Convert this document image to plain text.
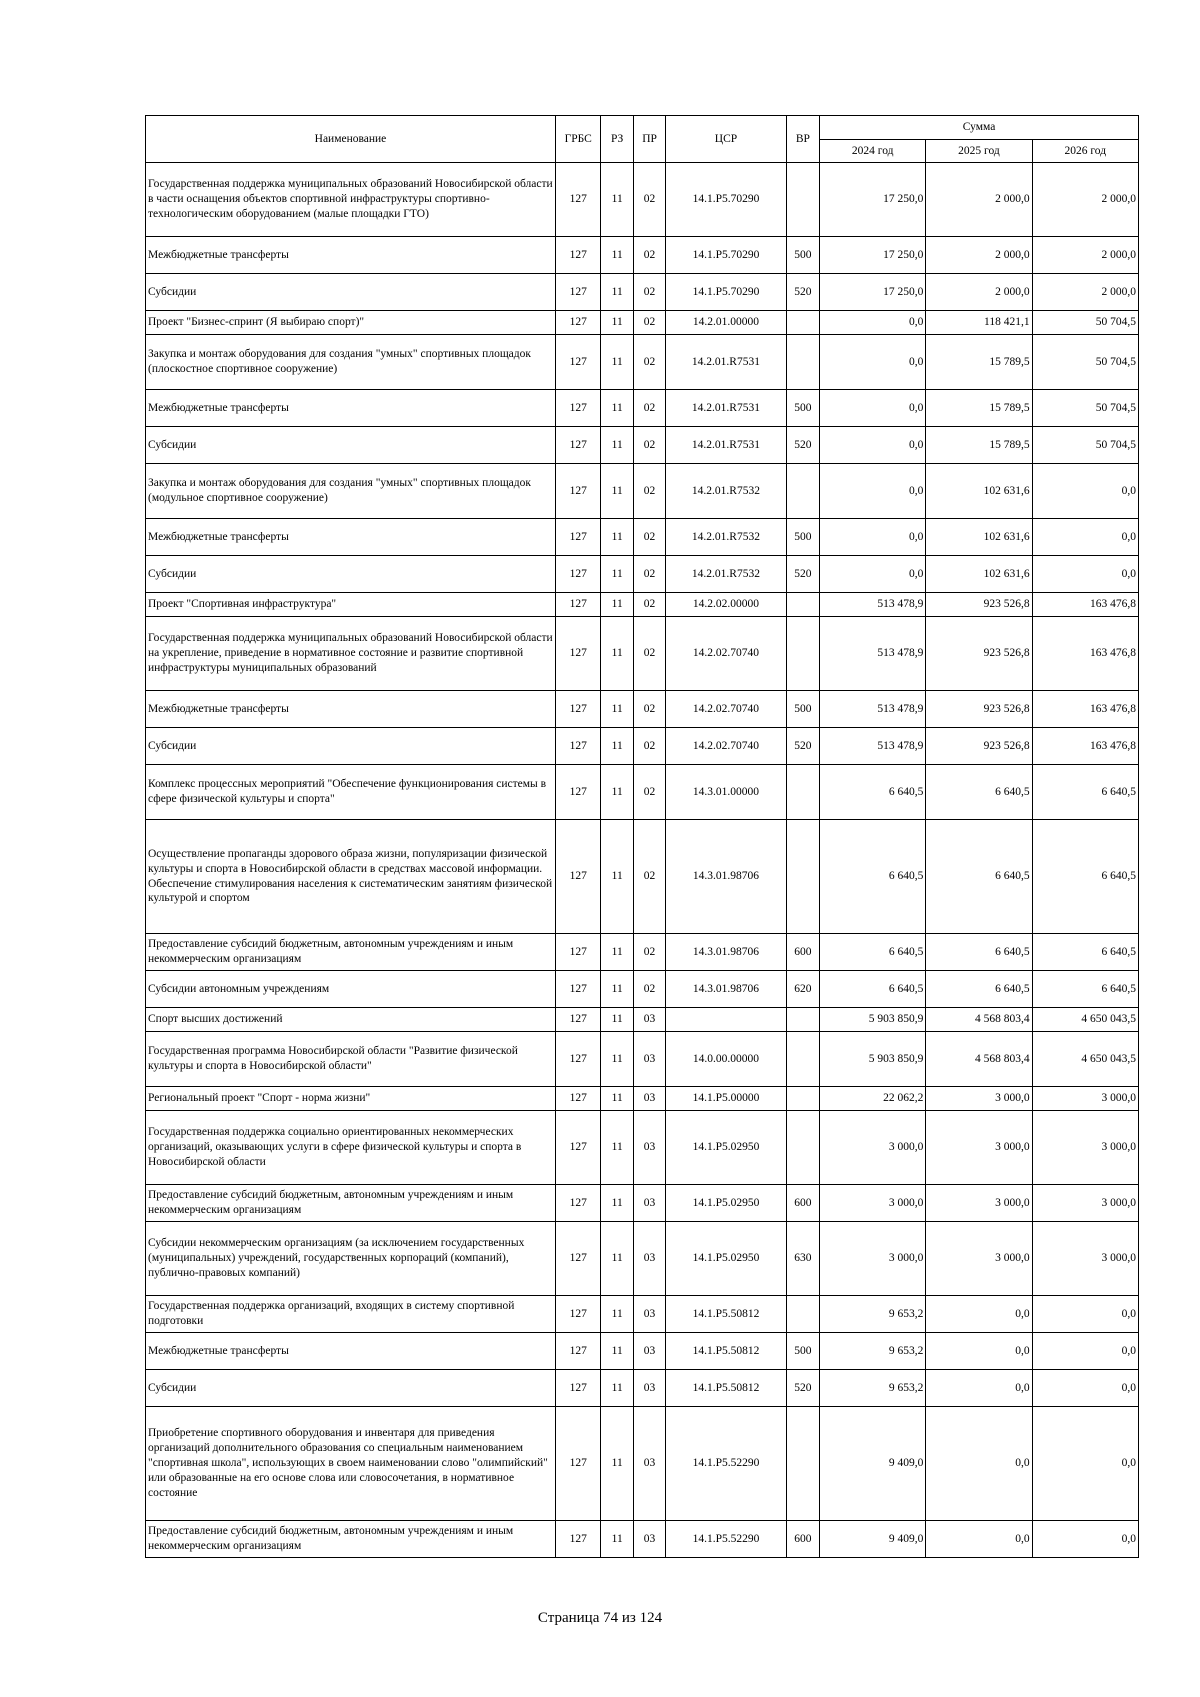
Наименование	ГРБС	РЗ	ПР	ЦСР	ВР	Сумма		
						2024 год	2025 год	2026 год
Государственная поддержка муниципальных образований Новосибирской области в части оснащения объектов спортивной инфраструктуры спортивно-технологическим оборудованием (малые площадки ГТО)	127	11	02	14.1.P5.70290		17 250,0	2 000,0	2 000,0
Межбюджетные трансферты	127	11	02	14.1.P5.70290	500	17 250,0	2 000,0	2 000,0
Субсидии	127	11	02	14.1.P5.70290	520	17 250,0	2 000,0	2 000,0
Проект "Бизнес-спринт (Я выбираю спорт)"	127	11	02	14.2.01.00000		0,0	118 421,1	50 704,5
Закупка и монтаж оборудования для создания "умных" спортивных площадок (плоскостное спортивное сооружение)	127	11	02	14.2.01.R7531		0,0	15 789,5	50 704,5
Межбюджетные трансферты	127	11	02	14.2.01.R7531	500	0,0	15 789,5	50 704,5
Субсидии	127	11	02	14.2.01.R7531	520	0,0	15 789,5	50 704,5
Закупка и монтаж оборудования для создания "умных" спортивных площадок (модульное спортивное сооружение)	127	11	02	14.2.01.R7532		0,0	102 631,6	0,0
Межбюджетные трансферты	127	11	02	14.2.01.R7532	500	0,0	102 631,6	0,0
Субсидии	127	11	02	14.2.01.R7532	520	0,0	102 631,6	0,0
Проект "Спортивная инфраструктура"	127	11	02	14.2.02.00000		513 478,9	923 526,8	163 476,8
Государственная поддержка муниципальных образований Новосибирской области на укрепление, приведение в нормативное состояние и развитие спортивной инфраструктуры муниципальных образований	127	11	02	14.2.02.70740		513 478,9	923 526,8	163 476,8
Межбюджетные трансферты	127	11	02	14.2.02.70740	500	513 478,9	923 526,8	163 476,8
Субсидии	127	11	02	14.2.02.70740	520	513 478,9	923 526,8	163 476,8
Комплекс процессных мероприятий "Обеспечение функционирования системы в сфере физической культуры и спорта"	127	11	02	14.3.01.00000		6 640,5	6 640,5	6 640,5
Осуществление пропаганды здорового образа жизни, популяризации физической культуры и спорта в Новосибирской области в средствах массовой информации. Обеспечение стимулирования населения к систематическим занятиям физической культурой и спортом	127	11	02	14.3.01.98706		6 640,5	6 640,5	6 640,5
Предоставление субсидий бюджетным, автономным учреждениям и иным некоммерческим организациям	127	11	02	14.3.01.98706	600	6 640,5	6 640,5	6 640,5
Субсидии автономным учреждениям	127	11	02	14.3.01.98706	620	6 640,5	6 640,5	6 640,5
Спорт высших достижений	127	11	03			5 903 850,9	4 568 803,4	4 650 043,5
Государственная программа Новосибирской области "Развитие физической культуры и спорта в Новосибирской области"	127	11	03	14.0.00.00000		5 903 850,9	4 568 803,4	4 650 043,5
Региональный проект "Спорт - норма жизни"	127	11	03	14.1.P5.00000		22 062,2	3 000,0	3 000,0
Государственная поддержка социально ориентированных некоммерческих организаций, оказывающих услуги в сфере физической культуры и спорта в Новосибирской области	127	11	03	14.1.P5.02950		3 000,0	3 000,0	3 000,0
Предоставление субсидий бюджетным, автономным учреждениям и иным некоммерческим организациям	127	11	03	14.1.P5.02950	600	3 000,0	3 000,0	3 000,0
Субсидии некоммерческим организациям (за исключением государственных (муниципальных) учреждений, государственных корпораций (компаний), публично-правовых компаний)	127	11	03	14.1.P5.02950	630	3 000,0	3 000,0	3 000,0
Государственная поддержка организаций, входящих в систему спортивной подготовки	127	11	03	14.1.P5.50812		9 653,2	0,0	0,0
Межбюджетные трансферты	127	11	03	14.1.P5.50812	500	9 653,2	0,0	0,0
Субсидии	127	11	03	14.1.P5.50812	520	9 653,2	0,0	0,0
Приобретение спортивного оборудования и инвентаря для приведения организаций дополнительного образования со специальным наименованием "спортивная школа", использующих в своем наименовании слово "олимпийский" или образованные на его основе слова или словосочетания, в нормативное состояние	127	11	03	14.1.P5.52290		9 409,0	0,0	0,0
Предоставление субсидий бюджетным, автономным учреждениям и иным некоммерческим организациям	127	11	03	14.1.P5.52290	600	9 409,0	0,0	0,0
Страница 74 из 124
